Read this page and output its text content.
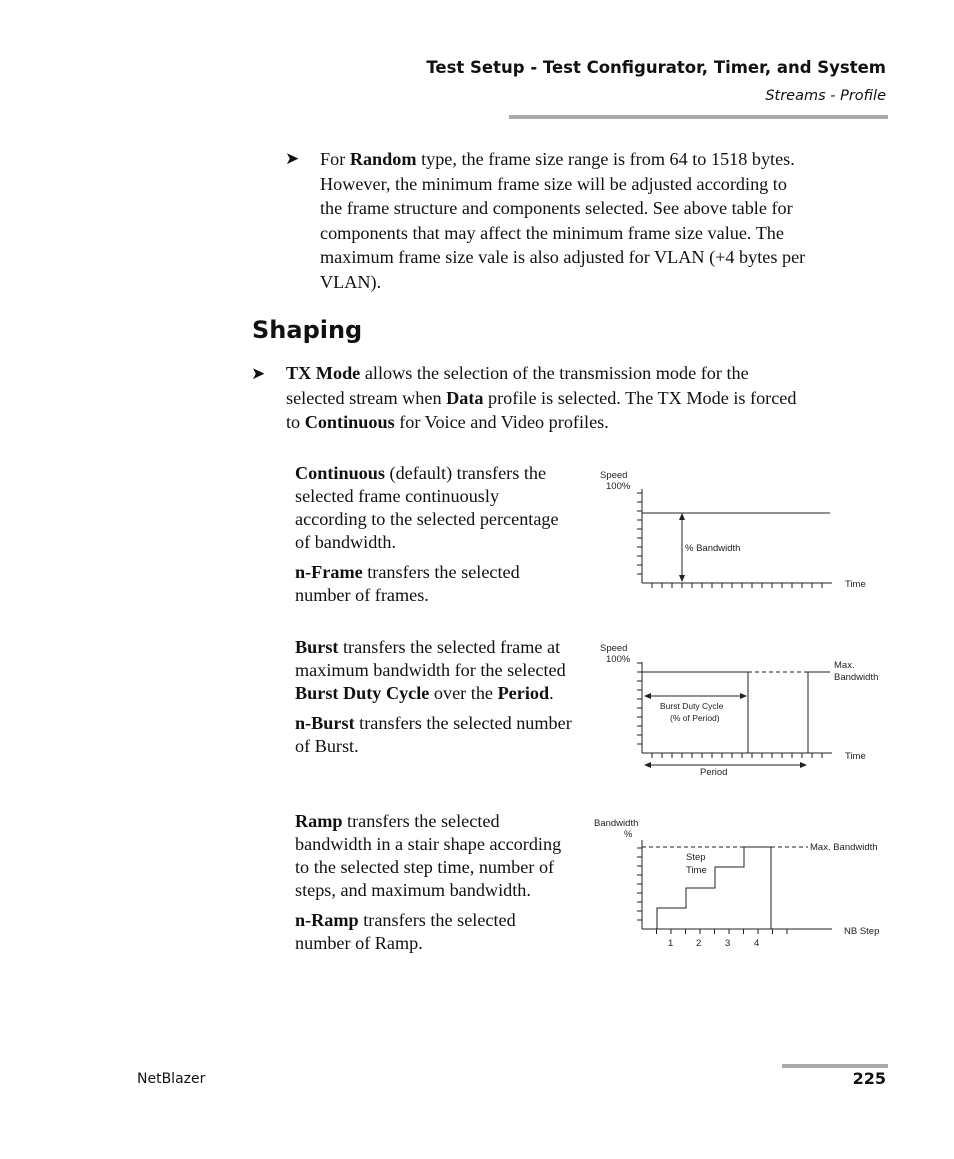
Test Setup - Test Configurator, Timer, and System
Streams - Profile
➤ For Random type, the frame size range is from 64 to 1518 bytes.
However, the minimum frame size will be adjusted according to
the frame structure and components selected. See above table for
components that may affect the minimum frame size value. The
maximum frame size vale is also adjusted for VLAN (+4 bytes per
VLAN).
Shaping
➤ TX Mode allows the selection of the transmission mode for the
selected stream when Data profile is selected. The TX Mode is forced
to Continuous for Voice and Video profiles.

Continuous (default) transfers the selected frame continuously according to the selected percentage of bandwidth.

n-Frame transfers the selected number of frames.

Burst transfers the selected frame at maximum bandwidth for the selected Burst Duty Cycle over the Period.

n-Burst transfers the selected number of Burst.

Ramp transfers the selected bandwidth in a stair shape according to the selected step time, number of steps, and maximum bandwidth.

n-Ramp transfers the selected number of Ramp.

Speed
100%
% Bandwidth
Time
Speed
100%
Max.
Bandwidth
Burst Duty Cycle
(% of Period)
Period
Time
Bandwidth
%
Step
Time
Max. Bandwidth
1 2 3 4
NB Step
NetBlazer	225
